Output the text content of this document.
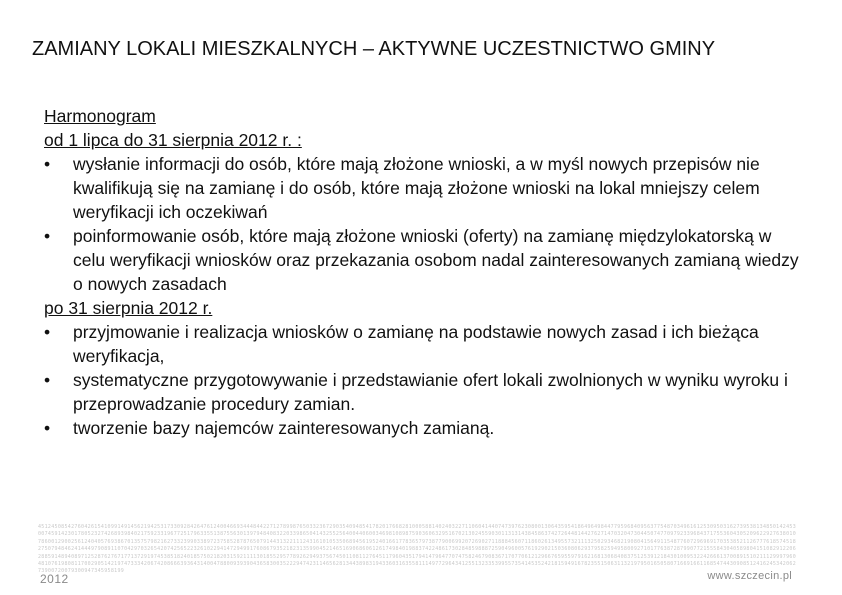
ZAMIANY LOKALI MIESZKALNYCH – AKTYWNE UCZESTNICTWO GMINY
Harmonogram
od 1 lipca do 31 sierpnia 2012 r. :
• wysłanie informacji do osób, które mają złożone wnioski, a w myśl nowych przepisów nie kwalifikują się na zamianę i do osób, które mają złożone wnioski na lokal mniejszy celem weryfikacji ich oczekiwań
• poinformowanie osób, które mają złożone wnioski (oferty) na zamianę międzylokatorską w celu weryfikacji wniosków oraz przekazania osobom nadal zainteresowanych zamianą wiedzy o nowych zasadach
po 31 sierpnia 2012 r.
• przyjmowanie i realizacja wniosków o zamianę na podstawie nowych zasad i ich bieżąca weryfikacja,
• systematyczne przygotowywanie i przedstawianie ofert lokali zwolnionych w wyniku wyroku i przeprowadzanie procedury zamian.
• tworzenie bazy najemców zainteresowanych zamianą.
45124508542760426154109914914562194253173309284264761240046693444844227127899876503323672903540948541782017668281000588140240322711060414407473976230800130643595418649649844779596840956377548703496161253095031627395381348501424530074591423017805232742689398402175923319677251796335513875563013979484083220339865041432552564004406003469810898759036063295167021302455903011313143845863742726448144276271470320473044507477097923396843717553604305209622927638010786001290025612404057693867013575798216273323990338972375852878765079144313221112431610105350689456195240166177836579738779006992072690271188845607118602613495573211132502934682190804156491154877607296969170353852112677761857451827507948462414449790891107042970326542074256522326102294147294991760867935218231359904521465169068606126174984019883742248617302848598887259049600576192902150360806293795825949580092710177638728799077215558430405898041510829122062885914894089712528762767177137291974538518240185750218203159211113018552957789262949375674501108112764511796043517941479647707475824679083671707706121296676595597916216813068408375125391218430100953224266613700891510211129997960481076198081170029051421974733342067420866639364314004788009393904365830035222947423114656281344389831943360316355811149772964341255132335399557354145352421815949167823551506311321979501650580716691661168547443090851241624534206273900720079300947345958199
2012	www.szczecin.pl
